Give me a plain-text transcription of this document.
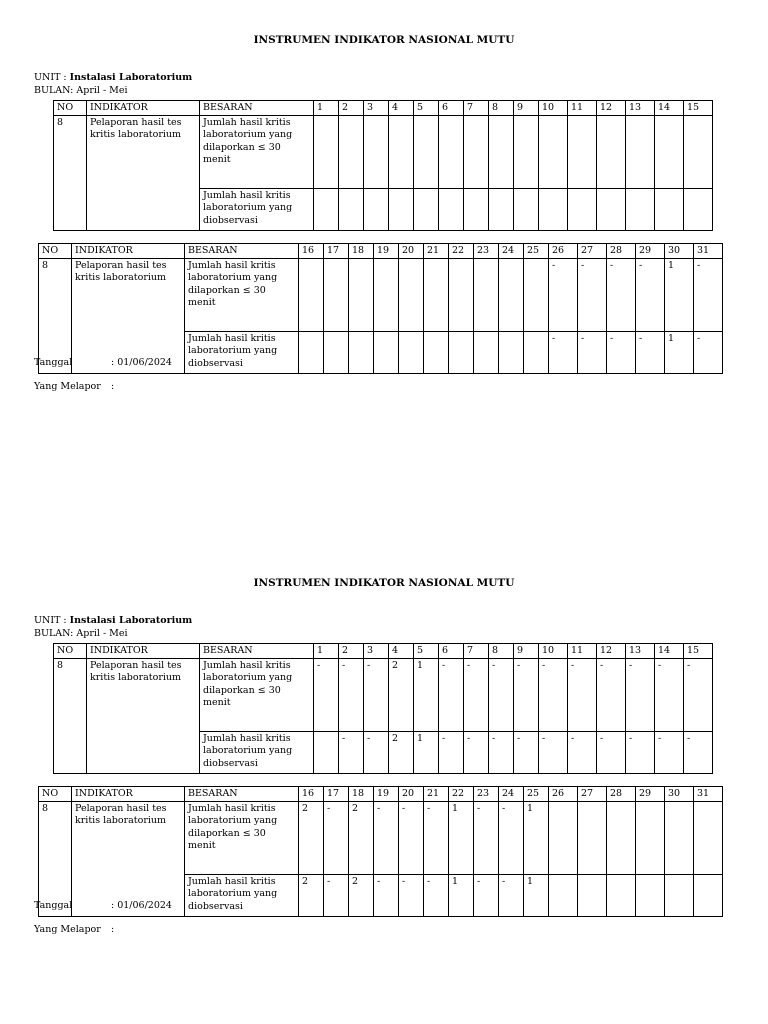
INSTRUMEN INDIKATOR NASIONAL MUTU
UNIT : Instalasi Laboratorium
BULAN: April - Mei
NO	INDIKATOR	BESARAN	1	2	3	4	5	6	7	8	9	10	11	12	13	14	15
8	Pelaporan hasil tes kritis laboratorium	Jumlah hasil kritis laboratorium yang dilaporkan ≤ 30 menit															
		Jumlah hasil kritis laboratorium yang diobservasi															
NO	INDIKATOR	BESARAN	16	17	18	19	20	21	22	23	24	25	26	27	28	29	30	31
8	Pelaporan hasil tes kritis laboratorium	Jumlah hasil kritis laboratorium yang dilaporkan ≤ 30 menit											-	-	-	-	1	-
		Jumlah hasil kritis laboratorium yang diobservasi											-	-	-	-	1	-
Tanggal	: 01/06/2024
Yang Melapor :
INSTRUMEN INDIKATOR NASIONAL MUTU
UNIT : Instalasi Laboratorium
BULAN: April - Mei
NO	INDIKATOR	BESARAN	1	2	3	4	5	6	7	8	9	10	11	12	13	14	15
8	Pelaporan hasil tes kritis laboratorium	Jumlah hasil kritis laboratorium yang dilaporkan ≤ 30 menit	-	-	-	2	1	-	-	-	-	-	-	-	-	-	-
		Jumlah hasil kritis laboratorium yang diobservasi		-	-	2	1	-	-	-	-	-	-	-	-	-	-
NO	INDIKATOR	BESARAN	16	17	18	19	20	21	22	23	24	25	26	27	28	29	30	31
8	Pelaporan hasil tes kritis laboratorium	Jumlah hasil kritis laboratorium yang dilaporkan ≤ 30 menit	2	-	2	-	-	-	1	-	-	1						
		Jumlah hasil kritis laboratorium yang diobservasi	2	-	2	-	-	-	1	-	-	1						
Tanggal	: 01/06/2024
Yang Melapor :
